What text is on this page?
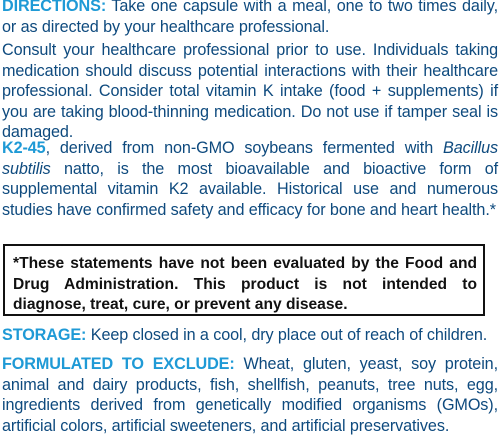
DIRECTIONS: Take one capsule with a meal, one to two times daily, or as directed by your healthcare professional.
Consult your healthcare professional prior to use. Individuals taking medication should discuss potential interactions with their healthcare professional. Consider total vitamin K intake (food + supplements) if you are taking blood-thinning medication. Do not use if tamper seal is damaged.
K2-45, derived from non-GMO soybeans fermented with Bacillus subtilis natto, is the most bioavailable and bioactive form of supplemental vitamin K2 available. Historical use and numerous studies have confirmed safety and efficacy for bone and heart health.*
*These statements have not been evaluated by the Food and Drug Administration. This product is not intended to diagnose, treat, cure, or prevent any disease.
STORAGE: Keep closed in a cool, dry place out of reach of children.
FORMULATED TO EXCLUDE: Wheat, gluten, yeast, soy protein, animal and dairy products, fish, shellfish, peanuts, tree nuts, egg, ingredients derived from genetically modified organisms (GMOs), artificial colors, artificial sweeteners, and artificial preservatives.
